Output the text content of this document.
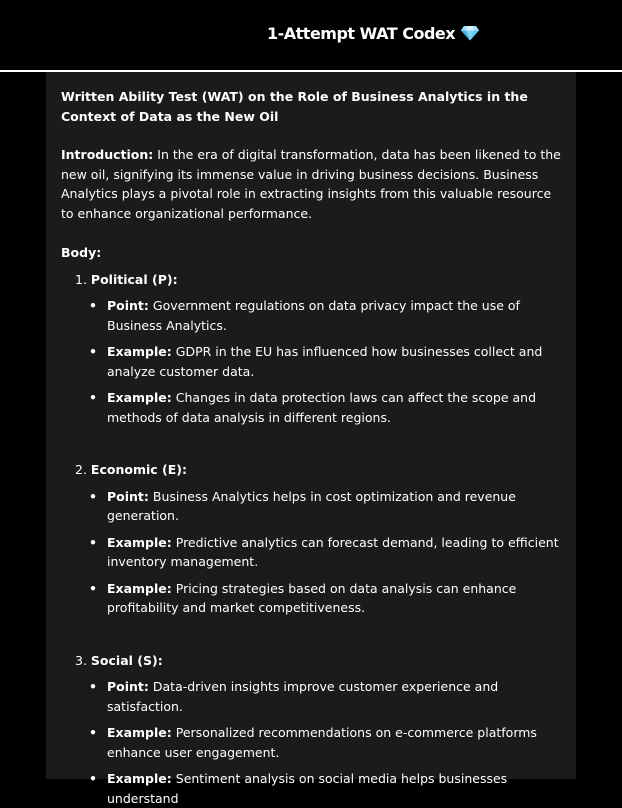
1-Attempt WAT Codex

Written Ability Test (WAT) on the Role of Business Analytics in the Context of Data as the New Oil

Introduction: In the era of digital transformation, data has been likened to the new oil, signifying its immense value in driving business decisions. Business Analytics plays a pivotal role in extracting insights from this valuable resource to enhance organizational performance.

Body:

1. Political (P):

• Point: Government regulations on data privacy impact the use of Business Analytics.

• Example: GDPR in the EU has influenced how businesses collect and analyze customer data.

• Example: Changes in data protection laws can affect the scope and methods of data analysis in different regions.

2. Economic (E):

• Point: Business Analytics helps in cost optimization and revenue generation.

• Example: Predictive analytics can forecast demand, leading to efficient inventory management.

• Example: Pricing strategies based on data analysis can enhance profitability and market competitiveness.

3. Social (S):

• Point: Data-driven insights improve customer experience and satisfaction.

• Example: Personalized recommendations on e-commerce platforms enhance user engagement.

• Example: Sentiment analysis on social media helps businesses understand
